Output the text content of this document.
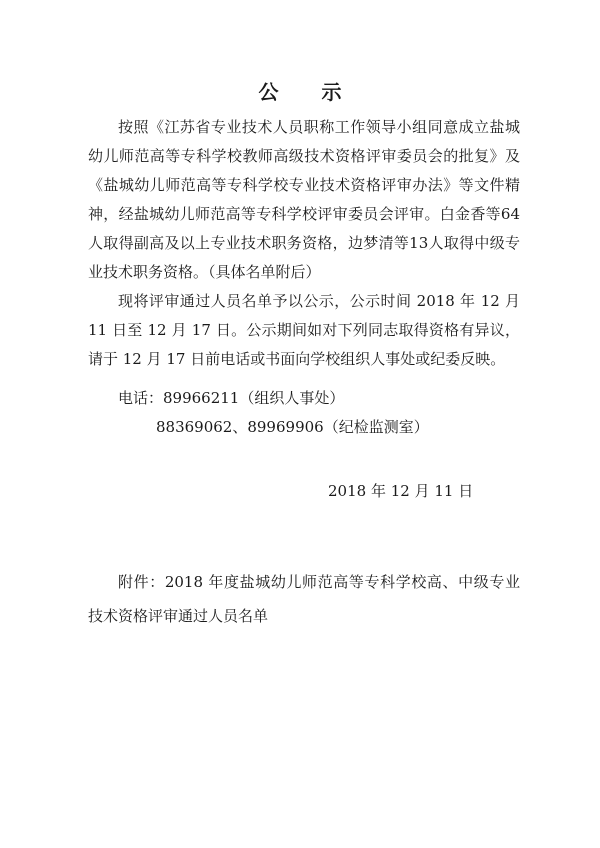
公 示
按照《江苏省专业技术人员职称工作领导小组同意成立盐城幼儿师范高等专科学校教师高级技术资格评审委员会的批复》及《盐城幼儿师范高等专科学校专业技术资格评审办法》等文件精神，经盐城幼儿师范高等专科学校评审委员会评审。白金香等64人取得副高及以上专业技术职务资格，边梦清等13人取得中级专业技术职务资格。（具体名单附后）
现将评审通过人员名单予以公示，公示时间 2018 年 12 月 11 日至 12 月 17 日。公示期间如对下列同志取得资格有异议，请于 12 月 17 日前电话或书面向学校组织人事处或纪委反映。
电话：89966211（组织人事处）
88369062、89969906（纪检监测室）
2018 年 12 月 11 日
附件：2018 年度盐城幼儿师范高等专科学校高、中级专业技术资格评审通过人员名单
